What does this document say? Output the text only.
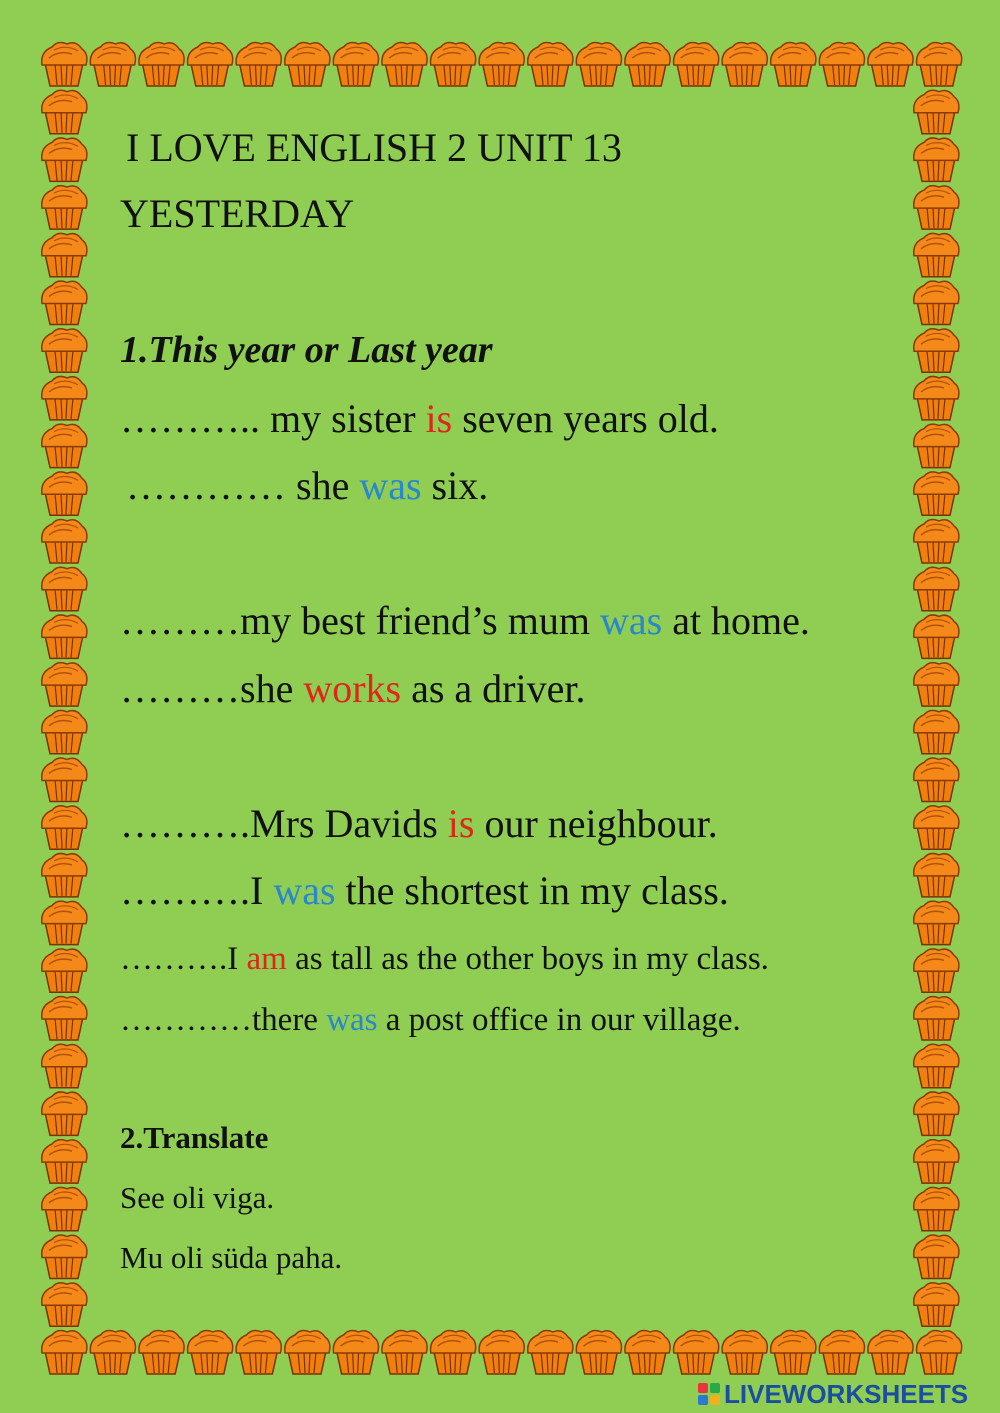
I LOVE ENGLISH 2 UNIT 13
YESTERDAY
1.This year or Last year
……….. my sister is seven years old.
………… she was six.
………my best friend’s mum was at home.
………she works as a driver.
……….Mrs Davids is our neighbour.
……….I was the shortest in my class.
……….I am as tall as the other boys in my class.
…………there was a post office in our village.
2.Translate
See oli viga.
Mu oli süda paha.
LIVEWORKSHEETS
